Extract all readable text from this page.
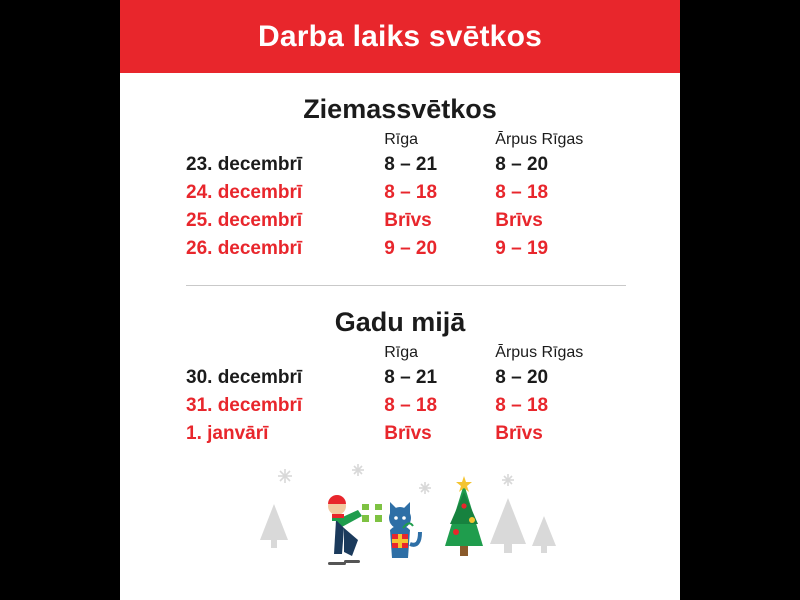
Darba laiks svētkos
Ziemassvētkos
	Rīga	Ārpus Rīgas
23. decembrī	8 – 21	8 – 20
24. decembrī	8 – 18	8 – 18
25. decembrī	Brīvs	Brīvs
26. decembrī	9 – 20	9 – 19
Gadu mijā
	Rīga	Ārpus Rīgas
30. decembrī	8 – 21	8 – 20
31. decembrī	8 – 18	8 – 18
1. janvārī	Brīvs	Brīvs
